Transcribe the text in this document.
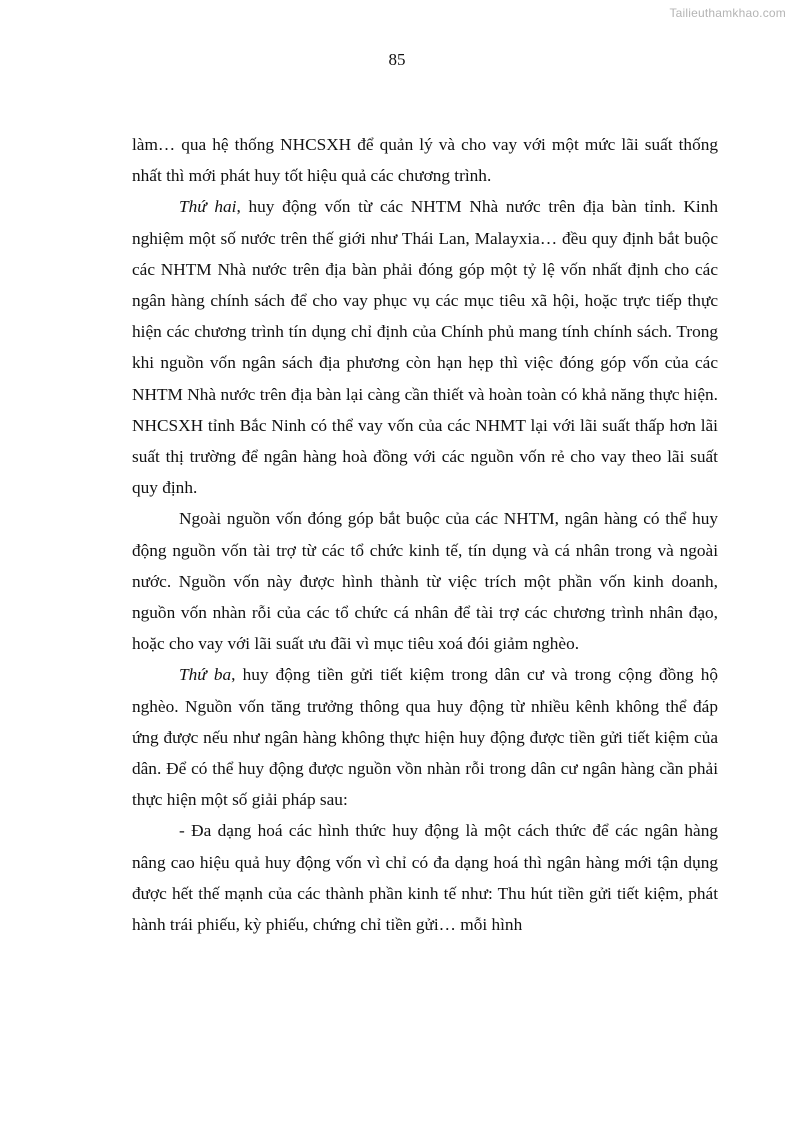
Tailieuthamkhao.com
85

làm… qua hệ thống NHCSXH để quản lý và cho vay với một mức lãi suất thống nhất thì mới phát huy tốt hiệu quả các chương trình.

Thứ hai, huy động vốn từ các NHTM Nhà nước trên địa bàn tỉnh. Kinh nghiệm một số nước trên thế giới như Thái Lan, Malayxia… đều quy định bắt buộc các NHTM Nhà nước trên địa bàn phải đóng góp một tỷ lệ vốn nhất định cho các ngân hàng chính sách để cho vay phục vụ các mục tiêu xã hội, hoặc trực tiếp thực hiện các chương trình tín dụng chỉ định của Chính phủ mang tính chính sách. Trong khi nguồn vốn ngân sách địa phương còn hạn hẹp thì việc đóng góp vốn của các NHTM Nhà nước trên địa bàn lại càng cần thiết và hoàn toàn có khả năng thực hiện. NHCSXH tỉnh Bắc Ninh có thể vay vốn của các NHMT lại với lãi suất thấp hơn lãi suất thị trường để ngân hàng hoà đồng với các nguồn vốn rẻ cho vay theo lãi suất quy định.

Ngoài nguồn vốn đóng góp bắt buộc của các NHTM, ngân hàng có thể huy động nguồn vốn tài trợ từ các tổ chức kinh tế, tín dụng và cá nhân trong và ngoài nước. Nguồn vốn này được hình thành từ việc trích một phần vốn kinh doanh, nguồn vốn nhàn rỗi của các tổ chức cá nhân để tài trợ các chương trình nhân đạo, hoặc cho vay với lãi suất ưu đãi vì mục tiêu xoá đói giảm nghèo.

Thứ ba, huy động tiền gửi tiết kiệm trong dân cư và trong cộng đồng hộ nghèo. Nguồn vốn tăng trưởng thông qua huy động từ nhiều kênh không thể đáp ứng được nếu như ngân hàng không thực hiện huy động được tiền gửi tiết kiệm của dân. Để có thể huy động được nguồn vồn nhàn rỗi trong dân cư ngân hàng cần phải thực hiện một số giải pháp sau:

- Đa dạng hoá các hình thức huy động là một cách thức để các ngân hàng nâng cao hiệu quả huy động vốn vì chỉ có đa dạng hoá thì ngân hàng mới tận dụng được hết thế mạnh của các thành phần kinh tế như: Thu hút tiền gửi tiết kiệm, phát hành trái phiếu, kỳ phiếu, chứng chỉ tiền gửi… mỗi hình
